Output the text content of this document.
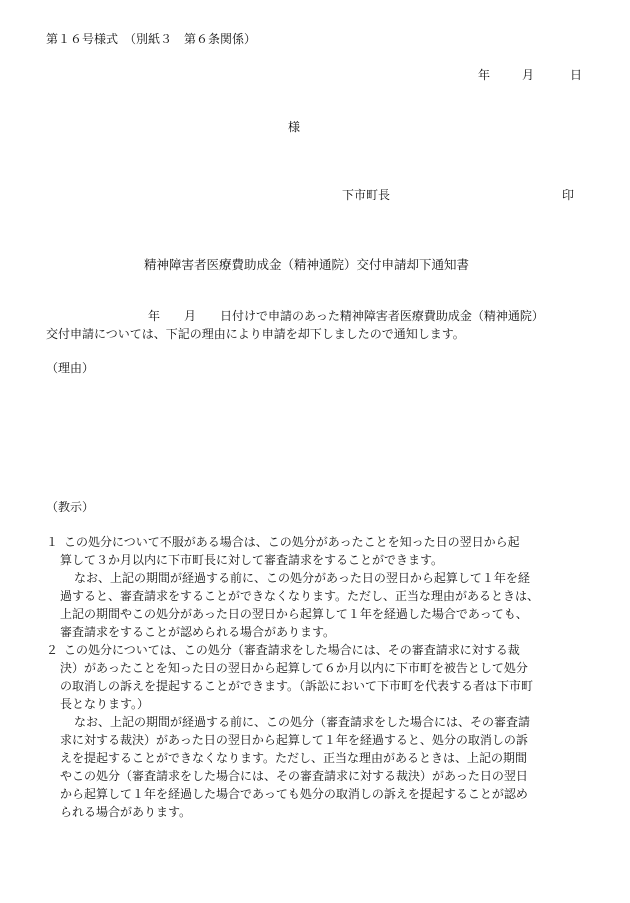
第１６号様式　（別紙３　第６条関係）
年	月	日
様
下市町長	印
精神障害者医療費助成金（精神通院）交付申請却下通知書
年 月 日付けで申請のあった精神障害者医療費助成金（精神通院）
交付申請については、下記の理由により申請を却下しましたので通知します。
（理由）
（教示）
１ この処分について不服がある場合は、この処分があったことを知った日の翌日から起
算して３か月以内に下市町長に対して審査請求をすることができます。
なお、上記の期間が経過する前に、この処分があった日の翌日から起算して１年を経
過すると、審査請求をすることができなくなります。ただし、正当な理由があるときは、
上記の期間やこの処分があった日の翌日から起算して１年を経過した場合であっても、
審査請求をすることが認められる場合があります。
２ この処分については、この処分（審査請求をした場合には、その審査請求に対する裁
決）があったことを知った日の翌日から起算して６か月以内に下市町を被告として処分
の取消しの訴えを提起することができます。（訴訟において下市町を代表する者は下市町
長となります。）
なお、上記の期間が経過する前に、この処分（審査請求をした場合には、その審査請
求に対する裁決）があった日の翌日から起算して１年を経過すると、処分の取消しの訴
えを提起することができなくなります。ただし、正当な理由があるときは、上記の期間
やこの処分（審査請求をした場合には、その審査請求に対する裁決）があった日の翌日
から起算して１年を経過した場合であっても処分の取消しの訴えを提起することが認め
られる場合があります。
